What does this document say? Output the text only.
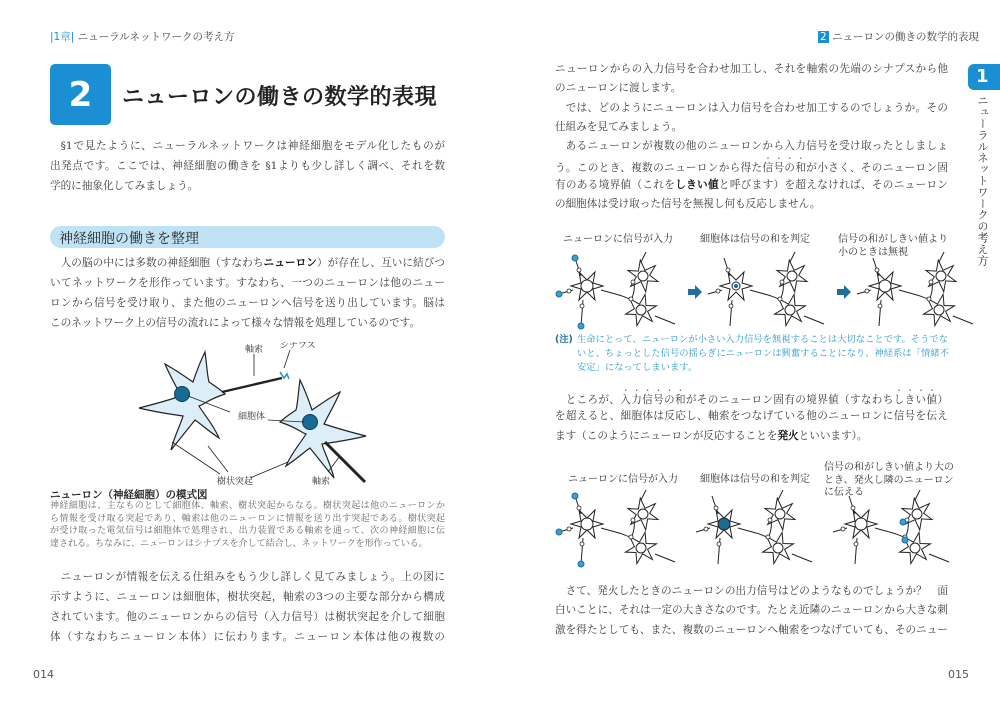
|1章| ニューラルネットワークの考え方
2	ニューロンの働きの数学的表現
§1で見たように、ニューラルネットワークは神経細胞をモデル化したものが
出発点です。ここでは、神経細胞の働きを §1よりも少し詳しく調べ、それを数
学的に抽象化してみましょう。
神経細胞の働きを整理
人の脳の中には多数の神経細胞（すなわちニューロン）が存在し、互いに結びつ
いてネットワークを形作っています。すなわち、一つのニューロンは他のニュー
ロンから信号を受け取り、また他のニューロンへ信号を送り出しています。脳は
このネットワーク上の信号の流れによって様々な情報を処理しているのです。
軸索 シナプス
細胞体
樹状突起	軸索
ニューロン（神経細胞）の模式図
神経細胞は、主なものとして細胞体、軸索、樹状突起からなる。樹状突起は他のニューロンか
ら情報を受け取る突起であり、軸索は他のニューロンに情報を送り出す突起である。樹状突起
が受け取った電気信号は細胞体で処理され、出力装置である軸索を通って、次の神経細胞に伝
達される。ちなみに、ニューロンはシナプスを介して結合し、ネットワークを形作っている。
ニューロンが情報を伝える仕組みをもう少し詳しく見てみましょう。上の図に
示すように、ニューロンは細胞体，樹状突起，軸索の3つの主要な部分から構成
されています。他のニューロンからの信号（入力信号）は樹状突起を介して細胞
体（すなわちニューロン本体）に伝わります。ニューロン本体は他の複数の
014
2 ニューロンの働きの数学的表現
1
ニューラルネットワークの考え方
ニューロンからの入力信号を合わせ加工し、それを軸索の先端のシナプスから他
のニューロンに渡します。
では、どのようにニューロンは入力信号を合わせ加工するのでしょうか。その
仕組みを見てみましょう。
あるニューロンが複数の他のニューロンから入力信号を受け取ったとしましょ
う。このとき、複数のニューロンから得た信号の和が小さく、そのニューロン固
有のある境界値（これをしきい値と呼びます）を超えなければ、そのニューロン
の細胞体は受け取った信号を無視し何も反応しません。
ニューロンに信号が入力	細胞体は信号の和を判定	信号の和がしきい値より
小のときは無視
(注) 生命にとって、ニューロンが小さい入力信号を無視することは大切なことです。そうでな
いと、ちょっとした信号の揺らぎにニューロンは興奮することになり、神経系は「情緒不
安定」になってしまいます。
ところが、入力信号の和がそのニューロン固有の境界値（すなわちしきい値）
を超えると、細胞体は反応し、軸索をつなげている他のニューロンに信号を伝え
ます（このようにニューロンが反応することを発火といいます）。
ニューロンに信号が入力 細胞体は信号の和を判定
信号の和がしきい値より大の
とき、発火し隣のニューロン
に伝える
さて、発火したときのニューロンの出力信号はどのようなものでしょうか？　面
白いことに、それは一定の大きさなのです。たとえ近隣のニューロンから大きな刺
激を得たとしても、また、複数のニューロンへ軸索をつなげていても、そのニュー
015
